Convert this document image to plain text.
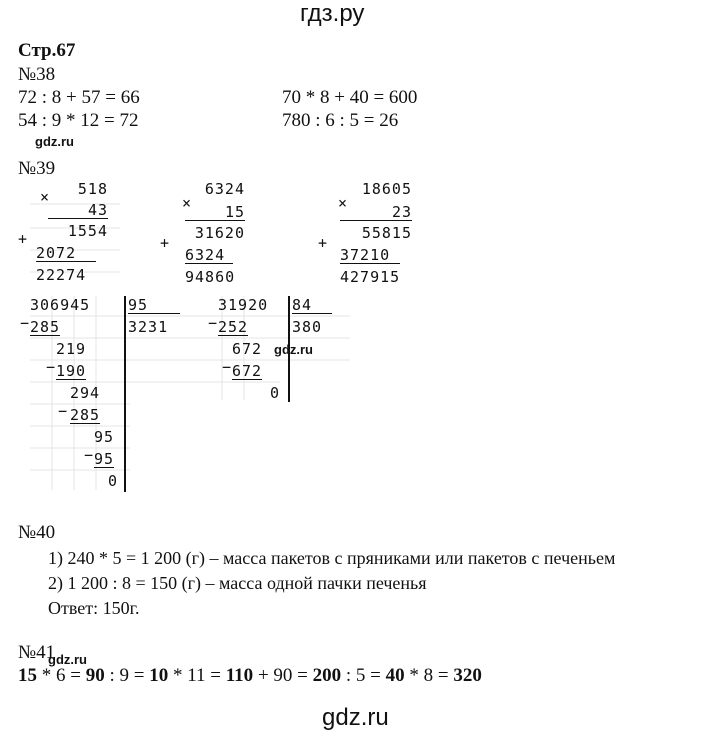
гдз.ру
Стр.67
№38
72 : 8 + 57 = 66	70 * 8 + 40 = 600
54 : 9 * 12 = 72	780 : 6 : 5 = 26
gdz.ru
№39
×	518
43
+	1554
2072
22274
×
6324
15
+
31620
6324
94860
×
18605
23
+
55815
37210
427915
306945	95
3231
− 285
219
− 190
294
− 285
95
− 95
0
31920 84
380
− 252
672 gdz.ru
− 672
0
№40
1) 240 * 5 = 1 200 (г) – масса пакетов с пряниками или пакетов с печеньем
2) 1 200 : 8 = 150 (г) – масса одной пачки печенья
Ответ: 150г.
№41
gdz.ru
15 * 6 = 90 : 9 = 10 * 11 = 110 + 90 = 200 : 5 = 40 * 8 = 320
gdz.ru
